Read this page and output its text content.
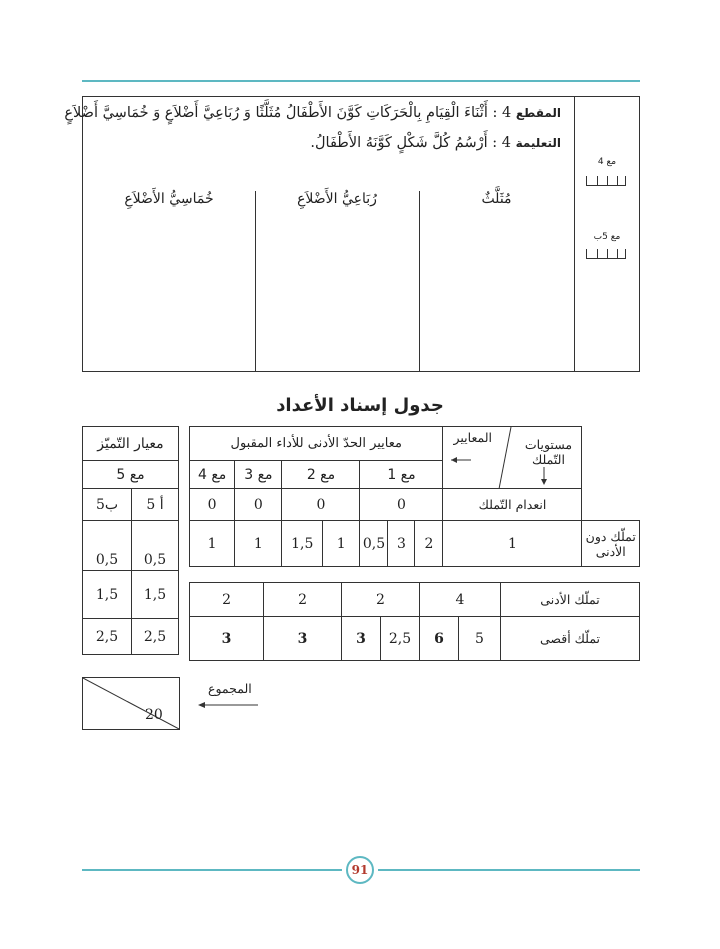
المقطع 4 : أَثْنَاءَ الْقِيَامِ بِالْحَرَكَاتِ كَوَّنَ الأَطْفَالُ مُثَلَّثًا وَ رُبَاعِيَّ أَضْلاَعٍ وَ خُمَاسِيَّ أَضْلاَعٍ
التعليمة 4 : أَرْسُمُ كُلَّ شَكْلٍ كَوَّنَهُ الأَطْفَالُ.
مُثَلَّثٌ
رُبَاعِيُّ الأَضْلاَعِ
خُمَاسِيُّ الأَضْلاَعِ
مع 4
مع 5ب
جدول إسناد الأعداد
معيار التّميّز	
مع 5	
5ب	5 أ
0,5	0,5
1,5	1,5
2,5	2,5
معايير الحدّ الأدنى للأداء المقبول							المعايير مستويات التّملك	

مع 4	مع 3	مع 2		مع 1				
0	0	0		0			انعدام التّملك	
1	1	1,5	1	0,5	3	2	1	تملّك دون الأدنى
2	2	2		4		تملّك الأدنى
3	3	3	2,5	6	5	تملّك أقصى
20
المجموع
91
